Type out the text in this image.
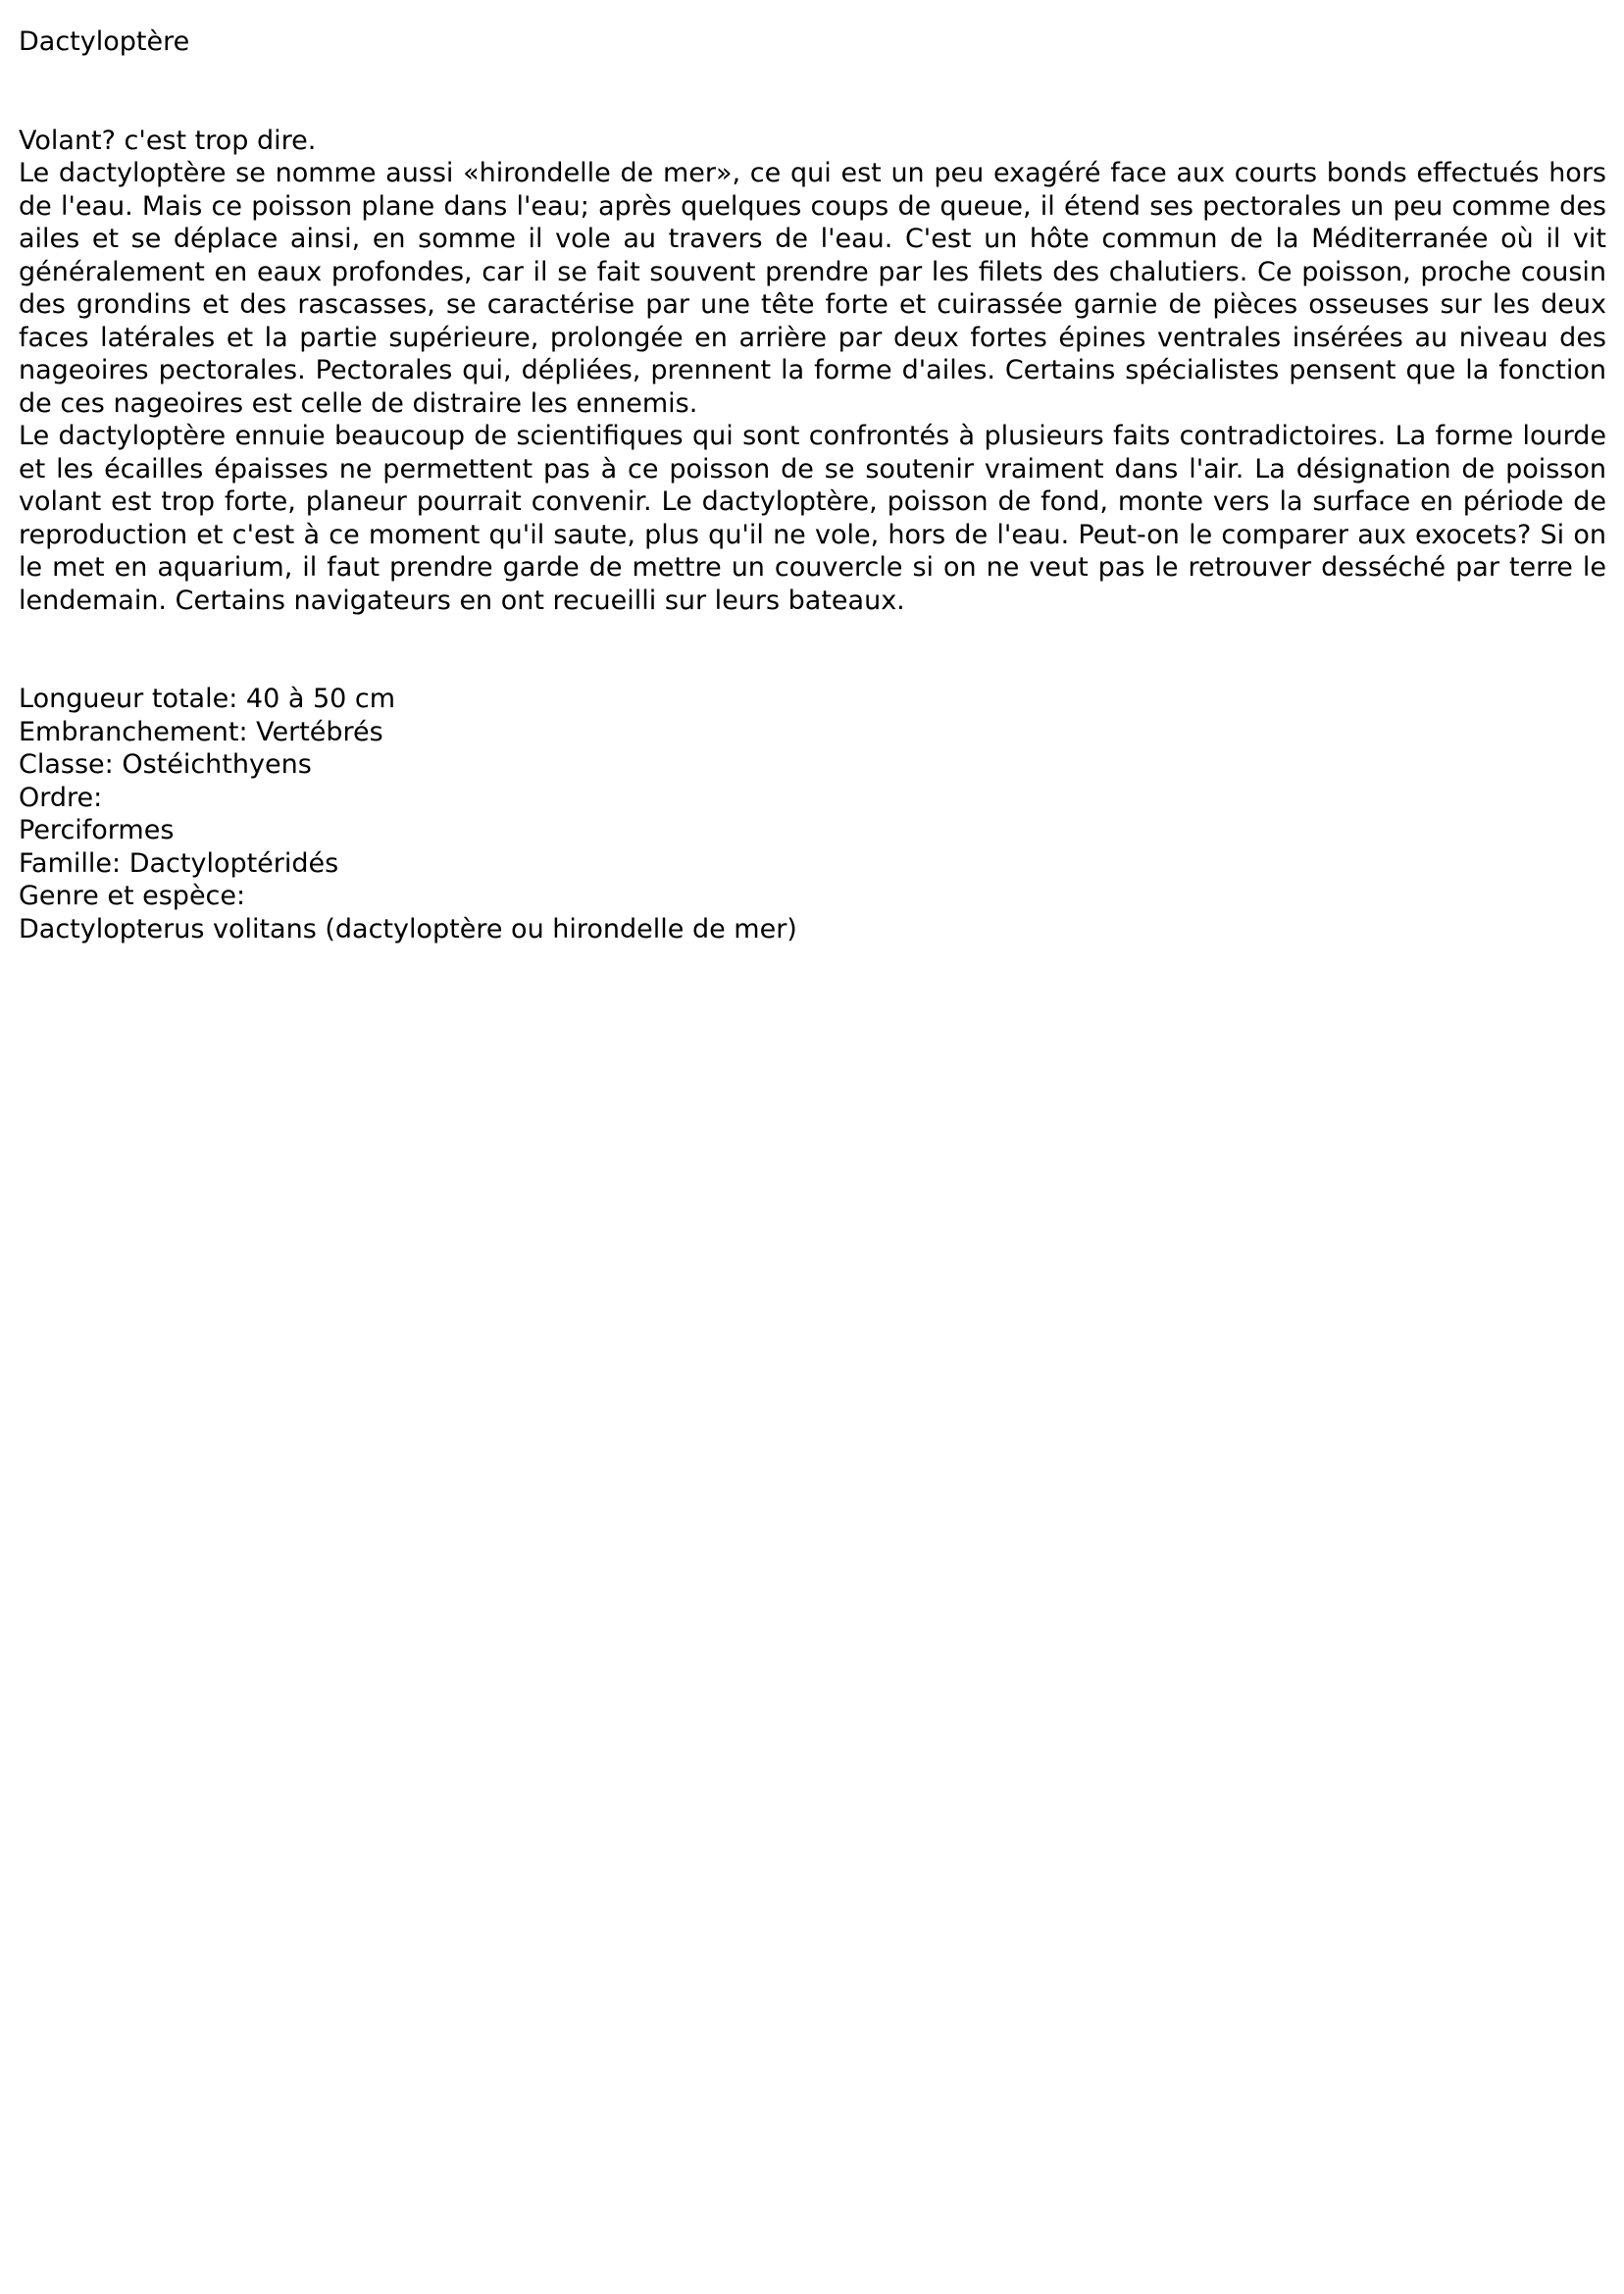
Dactyloptère
Volant? c'est trop dire.

Le dactyloptère se nomme aussi «hirondelle de mer», ce qui est un peu exagéré face aux courts bonds effectués hors de l'eau. Mais ce poisson plane dans l'eau; après quelques coups de queue, il étend ses pectorales un peu comme des ailes et se déplace ainsi, en somme il vole au travers de l'eau. C'est un hôte commun de la Méditerranée où il vit généralement en eaux profondes, car il se fait souvent prendre par les filets des chalutiers. Ce poisson, proche cousin des grondins et des rascasses, se caractérise par une tête forte et cuirassée garnie de pièces osseuses sur les deux faces latérales et la partie supérieure, prolongée en arrière par deux fortes épines ventrales insérées au niveau des nageoires pectorales. Pectorales qui, dépliées, prennent la forme d'ailes. Certains spécialistes pensent que la fonction de ces nageoires est celle de distraire les ennemis.

Le dactyloptère ennuie beaucoup de scientifiques qui sont confrontés à plusieurs faits contradictoires. La forme lourde et les écailles épaisses ne permettent pas à ce poisson de se soutenir vraiment dans l'air. La désignation de poisson volant est trop forte, planeur pourrait convenir. Le dactyloptère, poisson de fond, monte vers la surface en période de reproduction et c'est à ce moment qu'il saute, plus qu'il ne vole, hors de l'eau. Peut-on le comparer aux exocets? Si on le met en aquarium, il faut prendre garde de mettre un couvercle si on ne veut pas le retrouver desséché par terre le lendemain. Certains navigateurs en ont recueilli sur leurs bateaux.

Longueur totale: 40 à 50 cm
Embranchement: Vertébrés
Classe: Ostéichthyens
Ordre:
Perciformes
Famille: Dactyloptéridés
Genre et espèce:
Dactylopterus volitans (dactyloptère ou hirondelle de mer)
